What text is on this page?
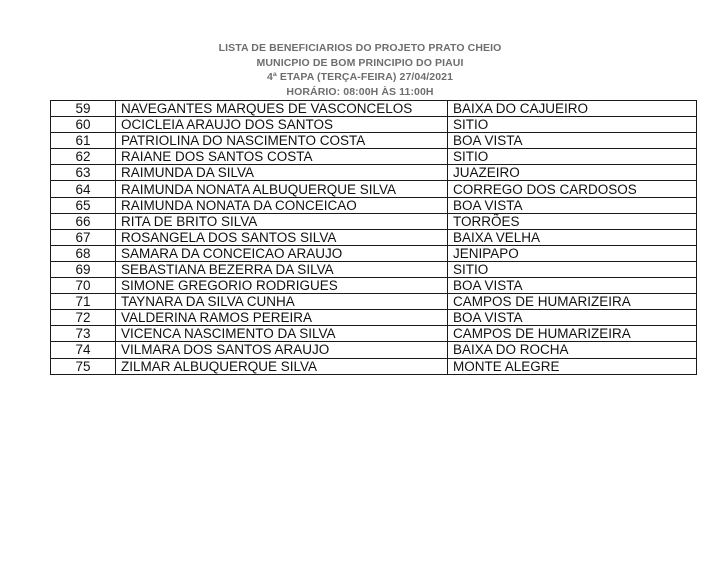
LISTA DE BENEFICIARIOS DO PROJETO PRATO CHEIO
MUNICPIO DE BOM PRINCIPIO DO PIAUI
4ª ETAPA (TERÇA-FEIRA) 27/04/2021
HORÁRIO: 08:00H ÀS 11:00H
59	NAVEGANTES MARQUES DE VASCONCELOS	BAIXA DO CAJUEIRO
60	OCICLEIA ARAUJO DOS SANTOS	SITIO
61	PATRIOLINA DO NASCIMENTO COSTA	BOA VISTA
62	RAIANE DOS SANTOS COSTA	SITIO
63	RAIMUNDA DA SILVA	JUAZEIRO
64	RAIMUNDA NONATA ALBUQUERQUE SILVA	CORREGO DOS CARDOSOS
65	RAIMUNDA NONATA DA CONCEICAO	BOA VISTA
66	RITA DE BRITO SILVA	TORRÕES
67	ROSANGELA DOS SANTOS SILVA	BAIXA VELHA
68	SAMARA DA CONCEICAO ARAUJO	JENIPAPO
69	SEBASTIANA BEZERRA DA SILVA	SITIO
70	SIMONE GREGORIO RODRIGUES	BOA VISTA
71	TAYNARA DA SILVA CUNHA	CAMPOS DE HUMARIZEIRA
72	VALDERINA RAMOS PEREIRA	BOA VISTA
73	VICENCA NASCIMENTO DA SILVA	CAMPOS DE HUMARIZEIRA
74	VILMARA DOS SANTOS ARAUJO	BAIXA DO ROCHA
75	ZILMAR ALBUQUERQUE SILVA	MONTE ALEGRE
